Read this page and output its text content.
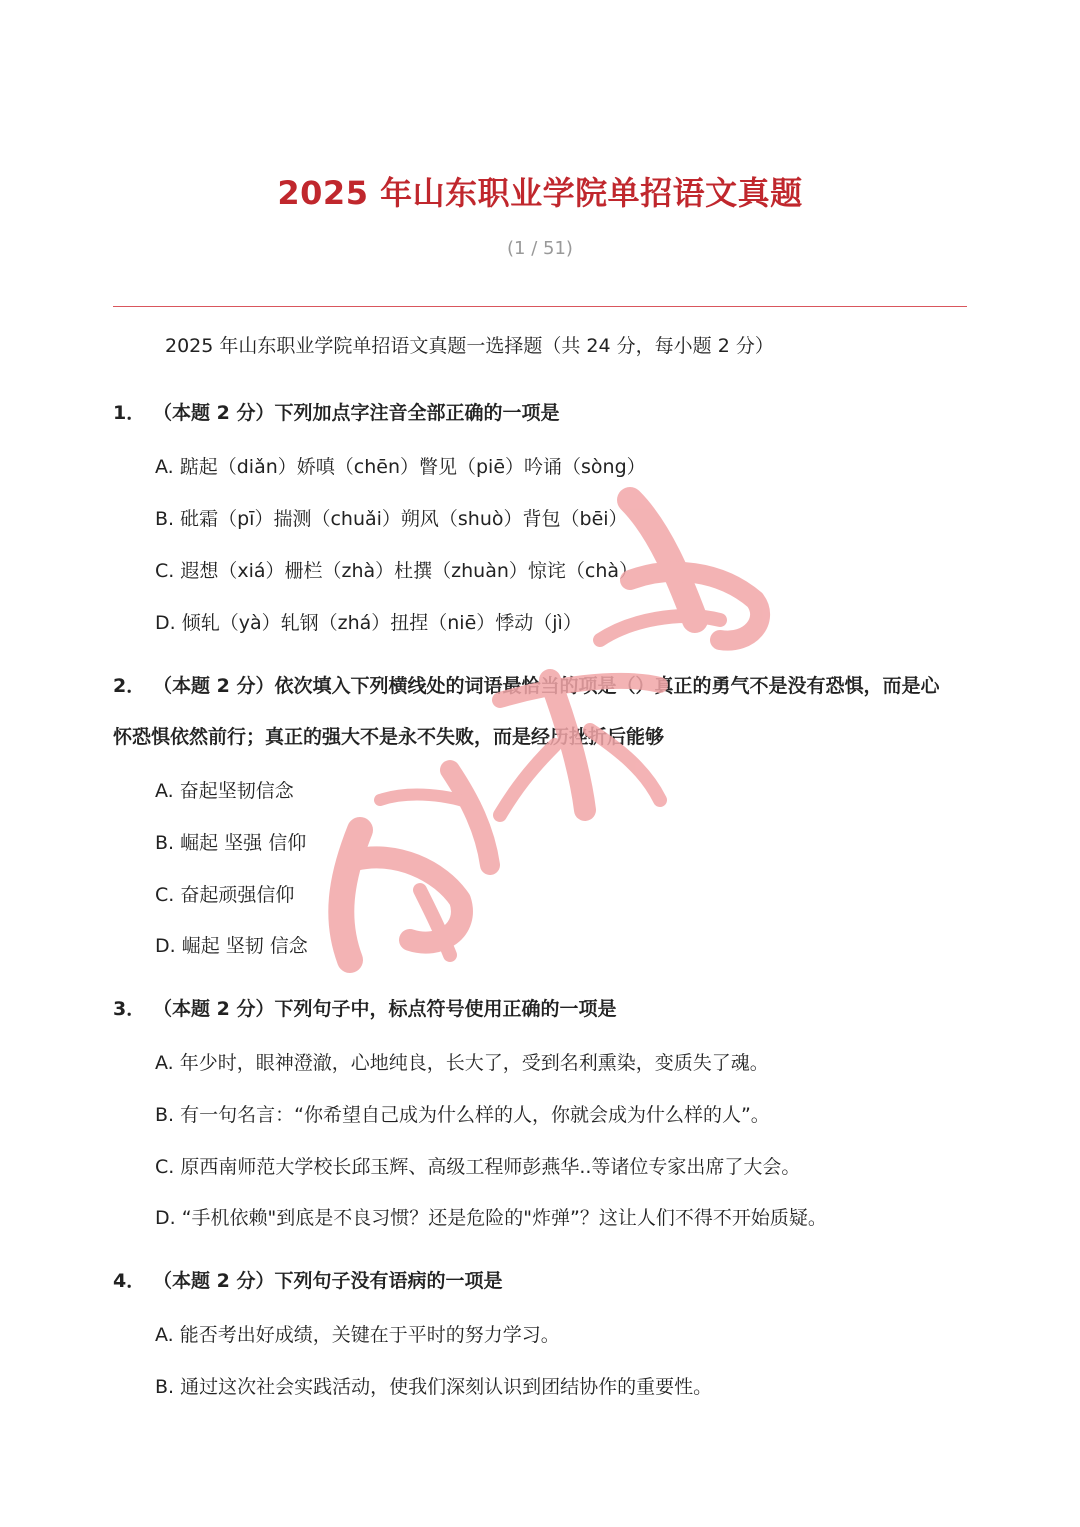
2025 年山东职业学院单招语文真题
(1 / 51)
2025 年山东职业学院单招语文真题一选择题（共 24 分，每小题 2 分）
1． （本题 2 分）下列加点字注音全部正确的一项是
A. 踮起（diǎn）娇嗔（chēn）瞥见（piē）吟诵（sòng）
B. 砒霜（pī）揣测（chuǎi）朔风（shuò）背包（bēi）
C. 遐想（xiá）栅栏（zhà）杜撰（zhuàn）惊诧（chà）
D. 倾轧（yà）轧钢（zhá）扭捏（niē）悸动（jì）
2． （本题 2 分）依次填入下列横线处的词语最恰当的项是（）真正的勇气不是没有恐惧，而是心
怀恐惧依然前行；真正的强大不是永不失败，而是经历挫折后能够
A. 奋起坚韧信念
B. 崛起 坚强 信仰
C. 奋起顽强信仰
D. 崛起 坚韧 信念
3． （本题 2 分）下列句子中，标点符号使用正确的一项是
A. 年少时，眼神澄澈，心地纯良，长大了，受到名利熏染，变质失了魂。
B. 有一句名言：“你希望自己成为什么样的人，你就会成为什么样的人”。
C. 原西南师范大学校长邱玉辉、高级工程师彭燕华..等诸位专家出席了大会。
D. “手机依赖"到底是不良习惯？还是危险的"炸弹”？这让人们不得不开始质疑。
4． （本题 2 分）下列句子没有语病的一项是
A. 能否考出好成绩，关键在于平时的努力学习。
B. 通过这次社会实践活动，使我们深刻认识到团结协作的重要性。
